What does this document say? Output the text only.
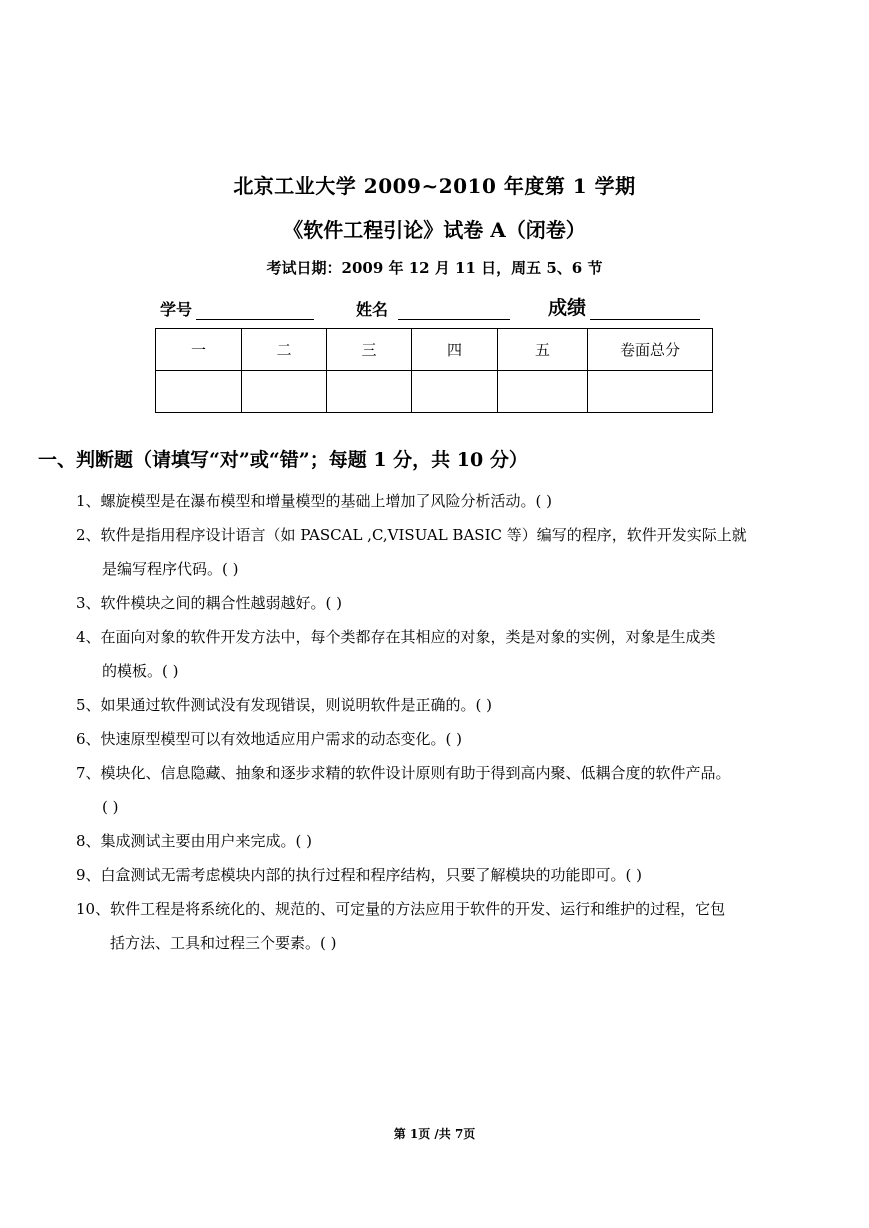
北京工业大学 2009~2010 年度第 1 学期
《软件工程引论》试卷 A（闭卷）
考试日期：2009 年 12 月 11 日，周五 5、6 节
学号	姓名	成绩
一	二	三	四	五	卷面总分

一、判断题（请填写“对”或“错”；每题 1 分，共 10 分）
1、螺旋模型是在瀑布模型和增量模型的基础上增加了风险分析活动。( )
2、软件是指用程序设计语言（如 PASCAL ,C,VISUAL BASIC 等）编写的程序，软件开发实际上就
是编写程序代码。( )
3、软件模块之间的耦合性越弱越好。( )
4、在面向对象的软件开发方法中，每个类都存在其相应的对象，类是对象的实例，对象是生成类
的模板。( )
5、如果通过软件测试没有发现错误，则说明软件是正确的。( )
6、快速原型模型可以有效地适应用户需求的动态变化。( )
7、模块化、信息隐藏、抽象和逐步求精的软件设计原则有助于得到高内聚、低耦合度的软件产品。
( )
8、集成测试主要由用户来完成。( )
9、白盒测试无需考虑模块内部的执行过程和程序结构，只要了解模块的功能即可。( )
10、软件工程是将系统化的、规范的、可定量的方法应用于软件的开发、运行和维护的过程，它包
括方法、工具和过程三个要素。( )
第 1页 /共 7页
